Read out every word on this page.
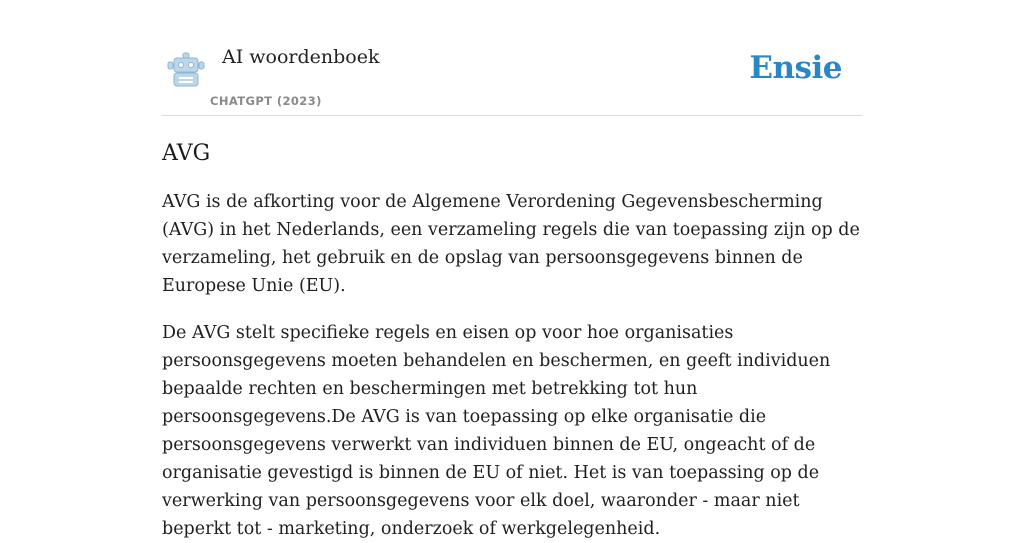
AI woordenboek
CHATGPT (2023)
Ensie
AVG

AVG is de afkorting voor de Algemene Verordening Gegevensbescherming (AVG) in het Nederlands, een verzameling regels die van toepassing zijn op de verzameling, het gebruik en de opslag van persoonsgegevens binnen de Europese Unie (EU).

De AVG stelt specifieke regels en eisen op voor hoe organisaties persoonsgegevens moeten behandelen en beschermen, en geeft individuen bepaalde rechten en beschermingen met betrekking tot hun persoonsgegevens.De AVG is van toepassing op elke organisatie die persoonsgegevens verwerkt van individuen binnen de EU, ongeacht of de organisatie gevestigd is binnen de EU of niet. Het is van toepassing op de verwerking van persoonsgegevens voor elk doel, waaronder - maar niet beperkt tot - marketing, onderzoek of werkgelegenheid.
